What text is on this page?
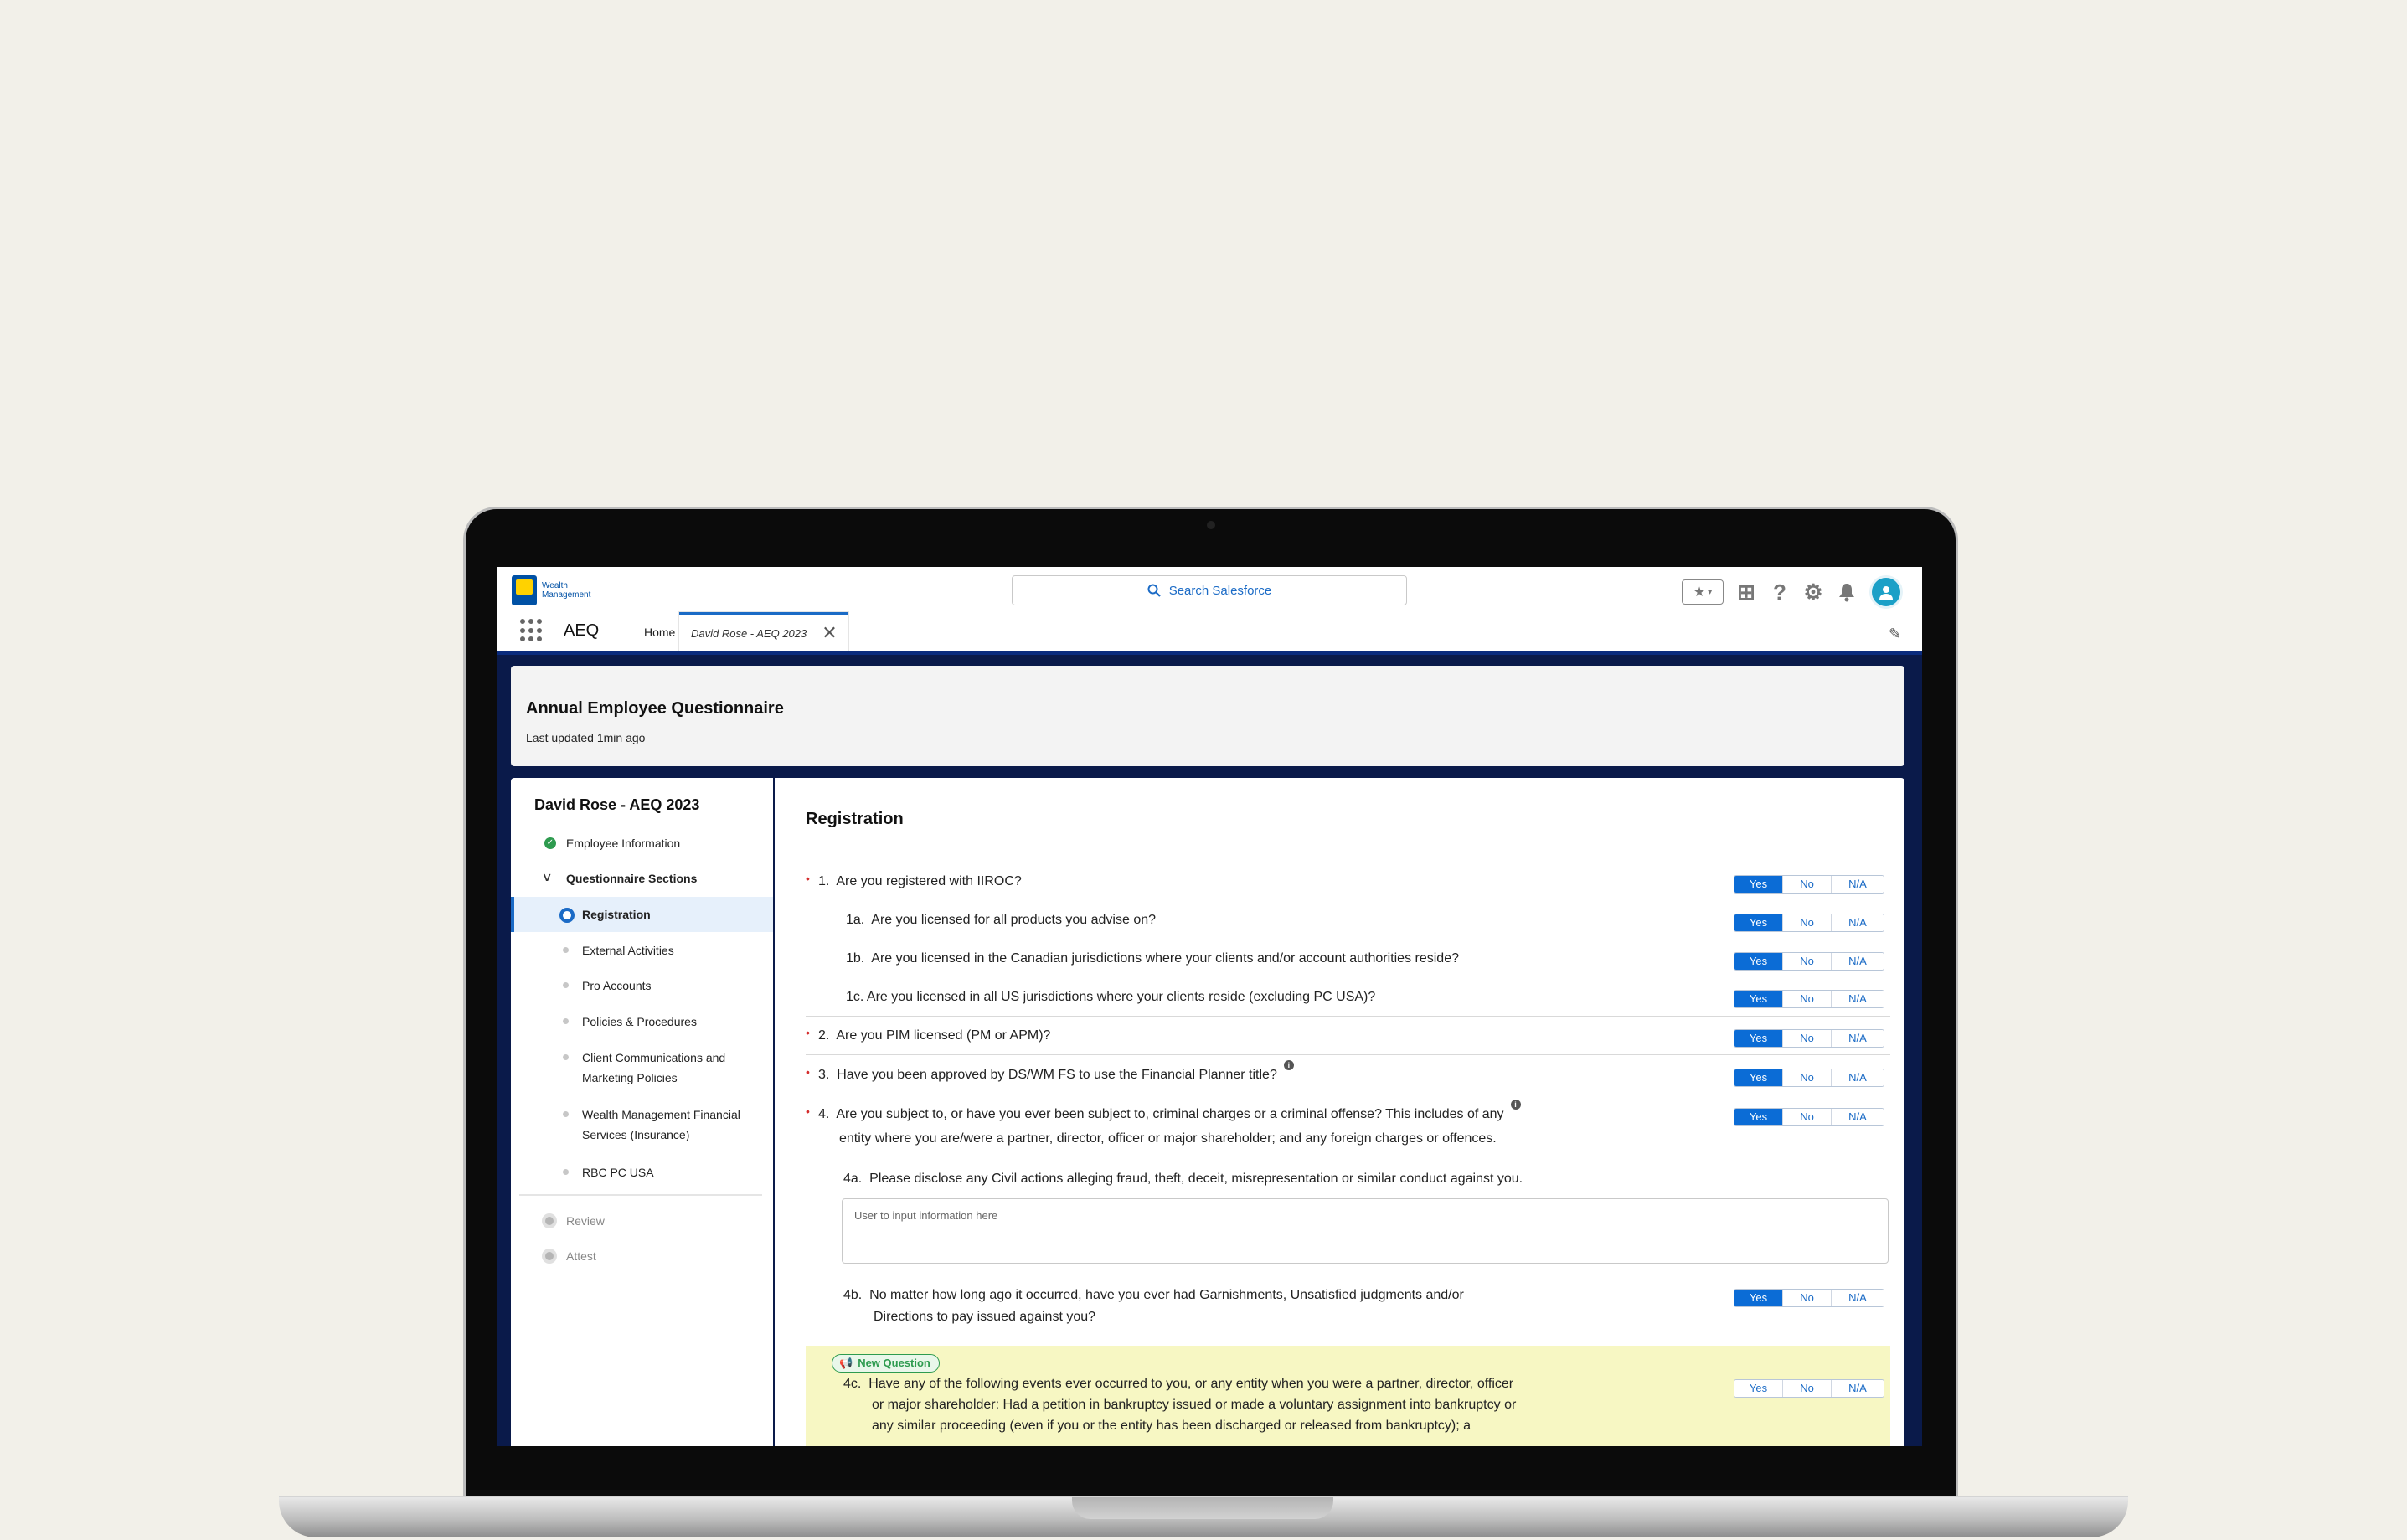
Wealth Management	Search Salesforce	★ ▾ ⊞ ? ⚙
AEQ	Home	David Rose - AEQ 2023 ✕	✎
Annual Employee Questionnaire
Last updated 1min ago
David Rose - AEQ 2023
✓ Employee Information
∨ Questionnaire Sections
Registration
External Activities
Pro Accounts
Policies & Procedures
Client Communications and Marketing Policies
Wealth Management Financial Services (Insurance)
RBC PC USA
Review
Attest
Registration
• 1. Are you registered with IIROC?	Yes	No	N/A
1a. Are you licensed for all products you advise on?	Yes	No	N/A
1b. Are you licensed in the Canadian jurisdictions where your clients and/or account authorities reside?	Yes	No	N/A
1c. Are you licensed in all US jurisdictions where your clients reside (excluding PC USA)?	Yes	No	N/A
• 2. Are you PIM licensed (PM or APM)?	Yes	No	N/A
• 3. Have you been approved by DS/WM FS to use the Financial Planner title?i
Yes	No	N/A
• 4. Are you subject to, or have you ever been subject to, criminal charges or a criminal offense? This includes of anyi
entity where you are/were a partner, director, officer or major shareholder; and any foreign charges or offences.
Yes	No	N/A
4a. Please disclose any Civil actions alleging fraud, theft, deceit, misrepresentation or similar conduct against you.
User to input information here
4b. No matter how long ago it occurred, have you ever had Garnishments, Unsatisfied judgments and/or
Directions to pay issued against you?
Yes	No	N/A
📢 New Question
4c. Have any of the following events ever occurred to you, or any entity when you were a partner, director, officer
or major shareholder: Had a petition in bankruptcy issued or made a voluntary assignment into bankruptcy or
any similar proceeding (even if you or the entity has been discharged or released from bankruptcy); a
Yes	No	N/A
